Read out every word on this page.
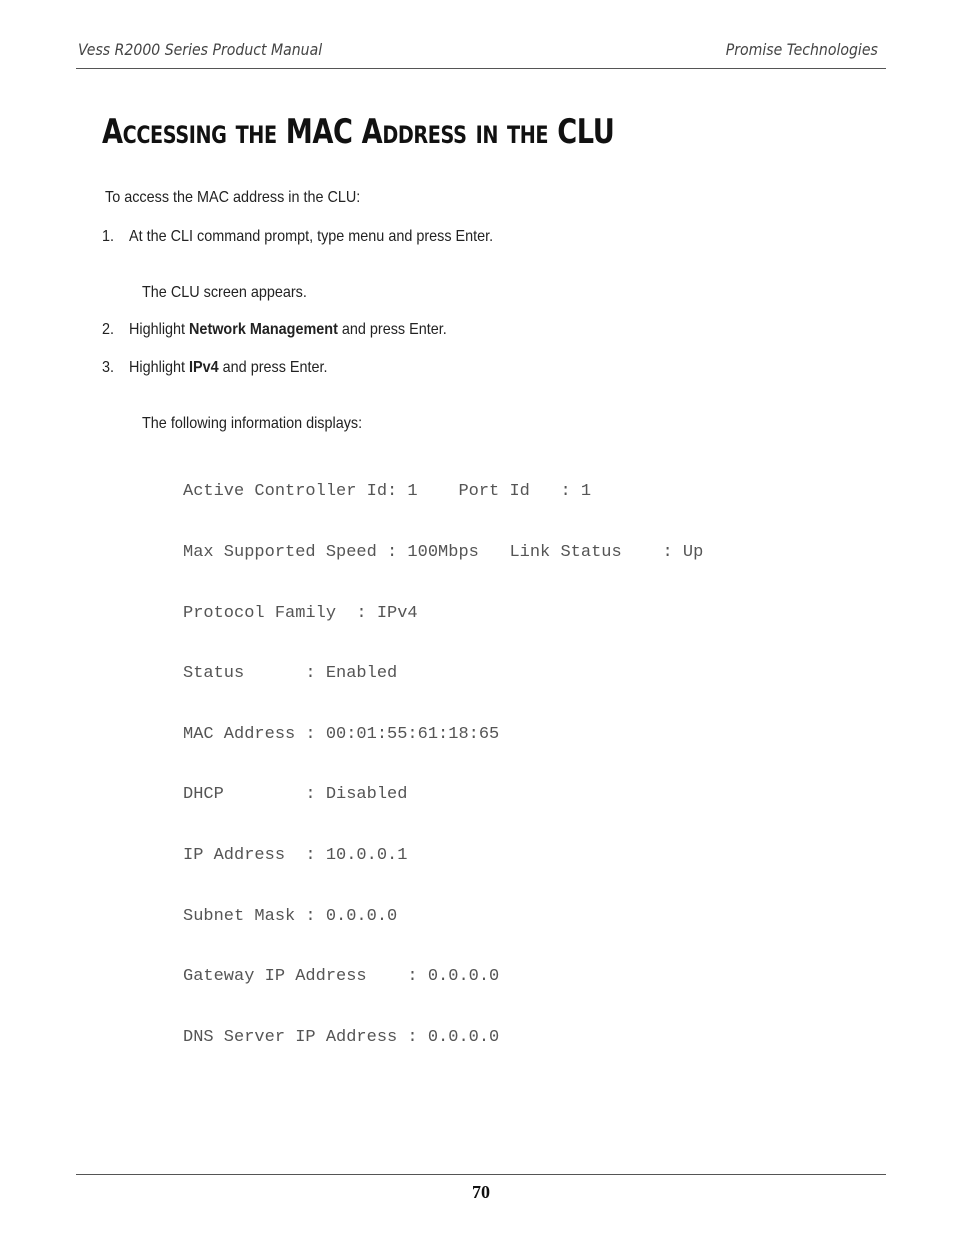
Vess R2000 Series Product Manual	Promise Technologies
Accessing the MAC Address in the CLU
To access the MAC address in the CLU:
1. At the CLI command prompt, type menu and press Enter.
The CLU screen appears.
2. Highlight Network Management and press Enter.
3. Highlight IPv4 and press Enter.
The following information displays:

Active Controller Id: 1    Port Id   : 1

Max Supported Speed : 100Mbps   Link Status    : Up

Protocol Family  : IPv4

Status      : Enabled

MAC Address : 00:01:55:61:18:65

DHCP        : Disabled

IP Address  : 10.0.0.1

Subnet Mask : 0.0.0.0

Gateway IP Address    : 0.0.0.0

DNS Server IP Address : 0.0.0.0

70
